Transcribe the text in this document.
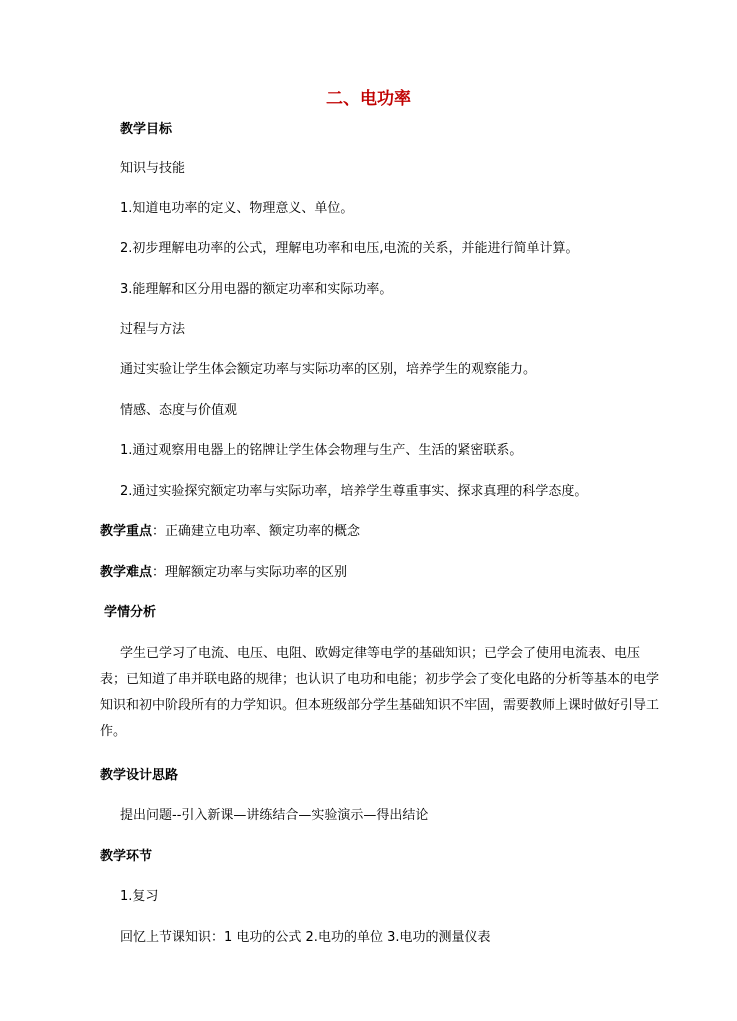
二、电功率
教学目标
知识与技能
1.知道电功率的定义、物理意义、单位。
2.初步理解电功率的公式，理解电功率和电压,电流的关系，并能进行简单计算。
3.能理解和区分用电器的额定功率和实际功率。
过程与方法
通过实验让学生体会额定功率与实际功率的区别，培养学生的观察能力。
情感、态度与价值观
1.通过观察用电器上的铭牌让学生体会物理与生产、生活的紧密联系。
2.通过实验探究额定功率与实际功率，培养学生尊重事实、探求真理的科学态度。
教学重点：正确建立电功率、额定功率的概念
教学难点：理解额定功率与实际功率的区别
学情分析
学生已学习了电流、电压、电阻、欧姆定律等电学的基础知识；已学会了使用电流表、电压表；已知道了串并联电路的规律；也认识了电功和电能；初步学会了变化电路的分析等基本的电学知识和初中阶段所有的力学知识。但本班级部分学生基础知识不牢固，需要教师上课时做好引导工作。
教学设计思路
提出问题--引入新课—讲练结合—实验演示—得出结论
教学环节
1.复习
回忆上节课知识：1 电功的公式 2.电功的单位 3.电功的测量仪表
